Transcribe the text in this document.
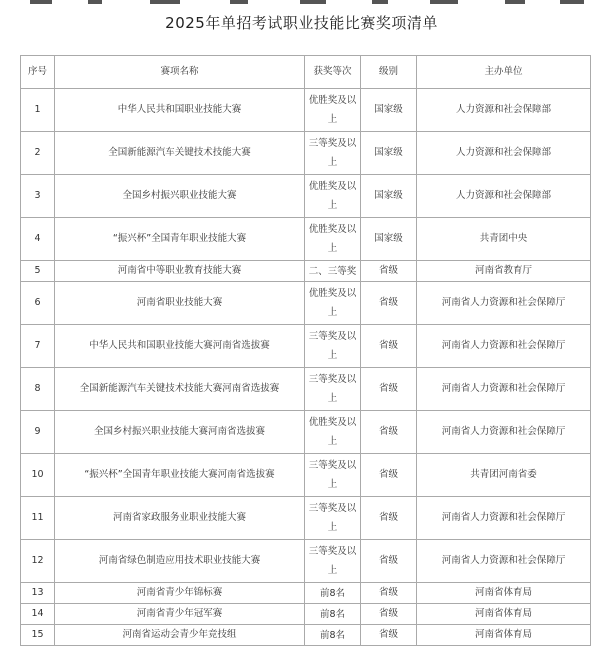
2025年单招考试职业技能比赛奖项清单
序号	赛项名称	获奖等次	级别	主办单位
1	中华人民共和国职业技能大赛	优胜奖及以上	国家级	人力资源和社会保障部
2	全国新能源汽车关键技术技能大赛	三等奖及以上	国家级	人力资源和社会保障部
3	全国乡村振兴职业技能大赛	优胜奖及以上	国家级	人力资源和社会保障部
4	“振兴杯”全国青年职业技能大赛	优胜奖及以上	国家级	共青团中央
5	河南省中等职业教育技能大赛	二、三等奖	省级	河南省教育厅
6	河南省职业技能大赛	优胜奖及以上	省级	河南省人力资源和社会保障厅
7	中华人民共和国职业技能大赛河南省选拔赛	三等奖及以上	省级	河南省人力资源和社会保障厅
8	全国新能源汽车关键技术技能大赛河南省选拔赛	三等奖及以上	省级	河南省人力资源和社会保障厅
9	全国乡村振兴职业技能大赛河南省选拔赛	优胜奖及以上	省级	河南省人力资源和社会保障厅
10	“振兴杯”全国青年职业技能大赛河南省选拔赛	三等奖及以上	省级	共青团河南省委
11	河南省家政服务业职业技能大赛	三等奖及以上	省级	河南省人力资源和社会保障厅
12	河南省绿色制造应用技术职业技能大赛	三等奖及以上	省级	河南省人力资源和社会保障厅
13	河南省青少年锦标赛	前8名	省级	河南省体育局
14	河南省青少年冠军赛	前8名	省级	河南省体育局
15	河南省运动会青少年竞技组	前8名	省级	河南省体育局
